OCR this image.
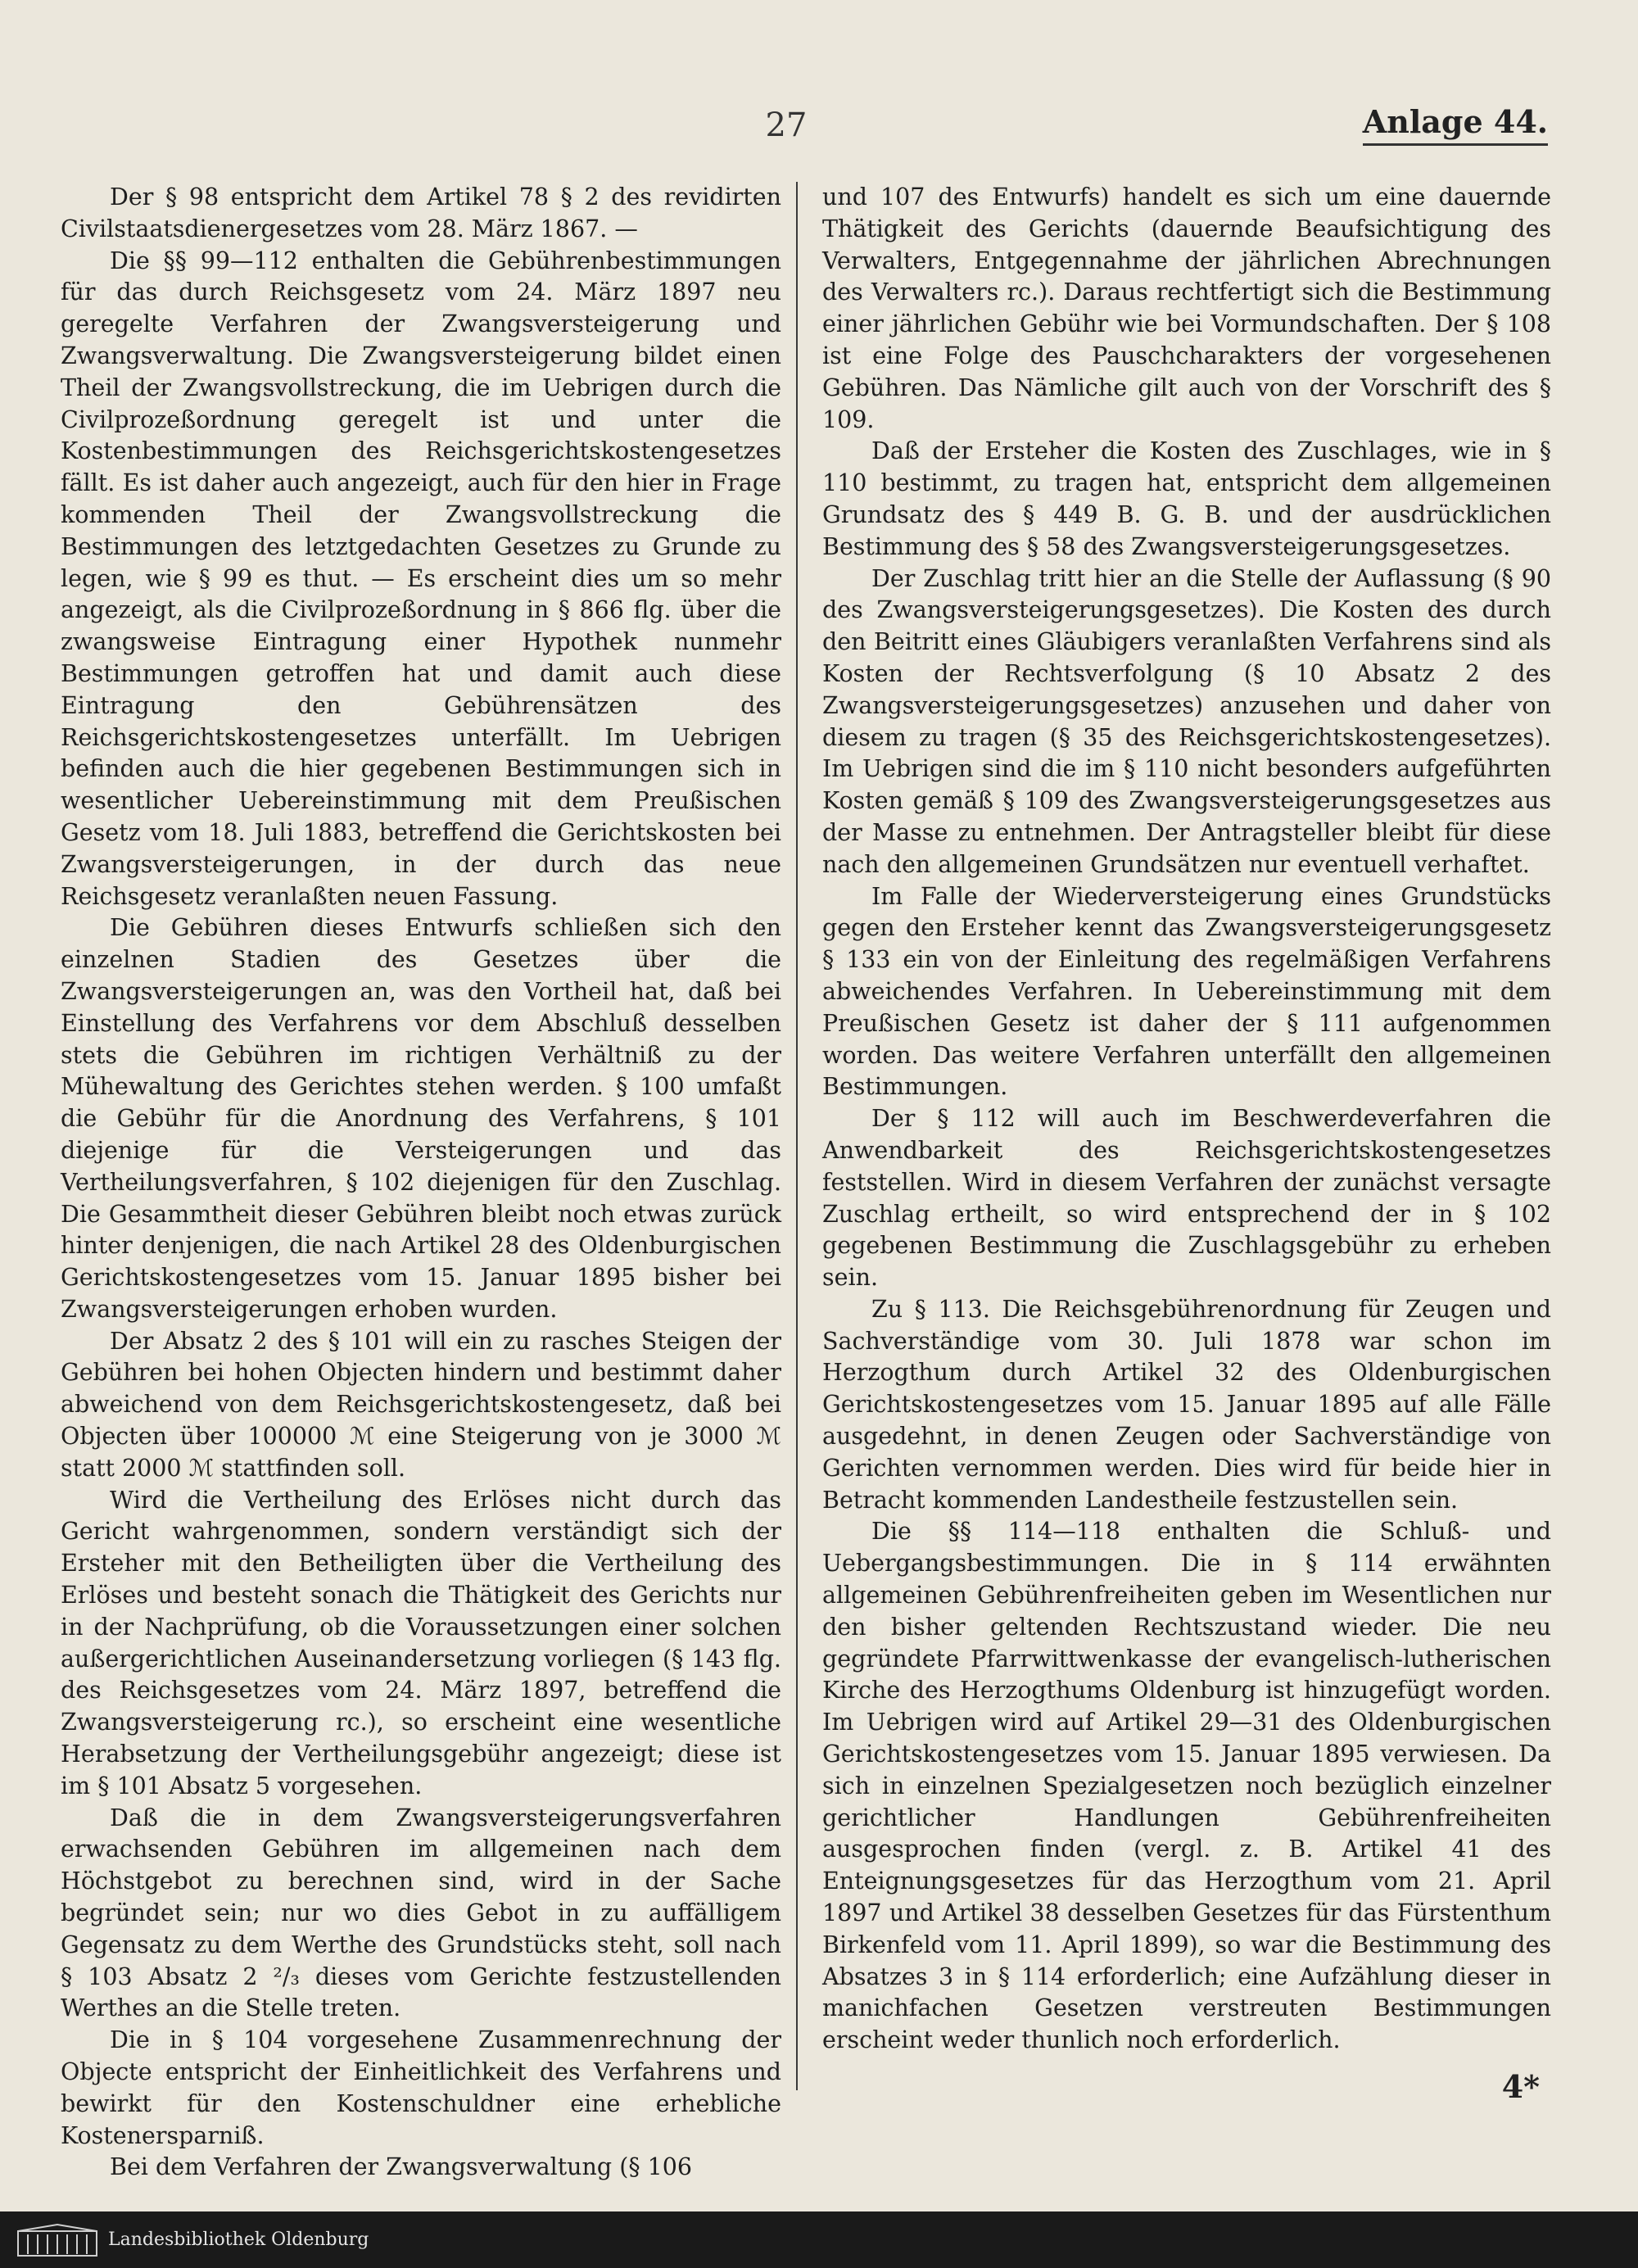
27	Anlage 44.

Der § 98 entspricht dem Artikel 78 § 2 des revidirten Civilstaatsdienergesetzes vom 28. März 1867. —

Die §§ 99—112 enthalten die Gebührenbestimmungen für das durch Reichsgesetz vom 24. März 1897 neu geregelte Verfahren der Zwangsversteigerung und Zwangsverwaltung. Die Zwangsversteigerung bildet einen Theil der Zwangsvollstreckung, die im Uebrigen durch die Civilprozeßordnung geregelt ist und unter die Kostenbestimmungen des Reichsgerichtskostengesetzes fällt. Es ist daher auch angezeigt, auch für den hier in Frage kommenden Theil der Zwangsvollstreckung die Bestimmungen des letztgedachten Gesetzes zu Grunde zu legen, wie § 99 es thut. — Es erscheint dies um so mehr angezeigt, als die Civilprozeßordnung in § 866 flg. über die zwangsweise Eintragung einer Hypothek nunmehr Bestimmungen getroffen hat und damit auch diese Eintragung den Gebührensätzen des Reichsgerichtskostengesetzes unterfällt. Im Uebrigen befinden auch die hier gegebenen Bestimmungen sich in wesentlicher Uebereinstimmung mit dem Preußischen Gesetz vom 18. Juli 1883, betreffend die Gerichtskosten bei Zwangsversteigerungen, in der durch das neue Reichsgesetz veranlaßten neuen Fassung.

Die Gebühren dieses Entwurfs schließen sich den einzelnen Stadien des Gesetzes über die Zwangsversteigerungen an, was den Vortheil hat, daß bei Einstellung des Verfahrens vor dem Abschluß desselben stets die Gebühren im richtigen Verhältniß zu der Mühewaltung des Gerichtes stehen werden. § 100 umfaßt die Gebühr für die Anordnung des Verfahrens, § 101 diejenige für die Versteigerungen und das Vertheilungsverfahren, § 102 diejenigen für den Zuschlag. Die Gesammtheit dieser Gebühren bleibt noch etwas zurück hinter denjenigen, die nach Artikel 28 des Oldenburgischen Gerichtskostengesetzes vom 15. Januar 1895 bisher bei Zwangsversteigerungen erhoben wurden.

Der Absatz 2 des § 101 will ein zu rasches Steigen der Gebühren bei hohen Objecten hindern und bestimmt daher abweichend von dem Reichsgerichtskostengesetz, daß bei Objecten über 100000 ℳ eine Steigerung von je 3000 ℳ statt 2000 ℳ stattfinden soll.

Wird die Vertheilung des Erlöses nicht durch das Gericht wahrgenommen, sondern verständigt sich der Ersteher mit den Betheiligten über die Vertheilung des Erlöses und besteht sonach die Thätigkeit des Gerichts nur in der Nachprüfung, ob die Voraussetzungen einer solchen außergerichtlichen Auseinandersetzung vorliegen (§ 143 flg. des Reichsgesetzes vom 24. März 1897, betreffend die Zwangsversteigerung rc.), so erscheint eine wesentliche Herabsetzung der Vertheilungsgebühr angezeigt; diese ist im § 101 Absatz 5 vorgesehen.

Daß die in dem Zwangsversteigerungsverfahren erwachsenden Gebühren im allgemeinen nach dem Höchstgebot zu berechnen sind, wird in der Sache begründet sein; nur wo dies Gebot in zu auffälligem Gegensatz zu dem Werthe des Grundstücks steht, soll nach § 103 Absatz 2 ²/₃ dieses vom Gerichte festzustellenden Werthes an die Stelle treten.

Die in § 104 vorgesehene Zusammenrechnung der Objecte entspricht der Einheitlichkeit des Verfahrens und bewirkt für den Kostenschuldner eine erhebliche Kostenersparniß.

Bei dem Verfahren der Zwangsverwaltung (§ 106

und 107 des Entwurfs) handelt es sich um eine dauernde Thätigkeit des Gerichts (dauernde Beaufsichtigung des Verwalters, Entgegennahme der jährlichen Abrechnungen des Verwalters rc.). Daraus rechtfertigt sich die Bestimmung einer jährlichen Gebühr wie bei Vormundschaften. Der § 108 ist eine Folge des Pauschcharakters der vorgesehenen Gebühren. Das Nämliche gilt auch von der Vorschrift des § 109.

Daß der Ersteher die Kosten des Zuschlages, wie in § 110 bestimmt, zu tragen hat, entspricht dem allgemeinen Grundsatz des § 449 B. G. B. und der ausdrücklichen Bestimmung des § 58 des Zwangsversteigerungsgesetzes.

Der Zuschlag tritt hier an die Stelle der Auflassung (§ 90 des Zwangsversteigerungsgesetzes). Die Kosten des durch den Beitritt eines Gläubigers veranlaßten Verfahrens sind als Kosten der Rechtsverfolgung (§ 10 Absatz 2 des Zwangsversteigerungsgesetzes) anzusehen und daher von diesem zu tragen (§ 35 des Reichsgerichtskostengesetzes). Im Uebrigen sind die im § 110 nicht besonders aufgeführten Kosten gemäß § 109 des Zwangsversteigerungsgesetzes aus der Masse zu entnehmen. Der Antragsteller bleibt für diese nach den allgemeinen Grundsätzen nur eventuell verhaftet.

Im Falle der Wiederversteigerung eines Grundstücks gegen den Ersteher kennt das Zwangsversteigerungsgesetz § 133 ein von der Einleitung des regelmäßigen Verfahrens abweichendes Verfahren. In Uebereinstimmung mit dem Preußischen Gesetz ist daher der § 111 aufgenommen worden. Das weitere Verfahren unterfällt den allgemeinen Bestimmungen.

Der § 112 will auch im Beschwerdeverfahren die Anwendbarkeit des Reichsgerichtskostengesetzes feststellen. Wird in diesem Verfahren der zunächst versagte Zuschlag ertheilt, so wird entsprechend der in § 102 gegebenen Bestimmung die Zuschlagsgebühr zu erheben sein.

Zu § 113. Die Reichsgebührenordnung für Zeugen und Sachverständige vom 30. Juli 1878 war schon im Herzogthum durch Artikel 32 des Oldenburgischen Gerichtskostengesetzes vom 15. Januar 1895 auf alle Fälle ausgedehnt, in denen Zeugen oder Sachverständige von Gerichten vernommen werden. Dies wird für beide hier in Betracht kommenden Landestheile festzustellen sein.

Die §§ 114—118 enthalten die Schluß- und Uebergangsbestimmungen. Die in § 114 erwähnten allgemeinen Gebührenfreiheiten geben im Wesentlichen nur den bisher geltenden Rechtszustand wieder. Die neu gegründete Pfarrwittwenkasse der evangelisch-lutherischen Kirche des Herzogthums Oldenburg ist hinzugefügt worden. Im Uebrigen wird auf Artikel 29—31 des Oldenburgischen Gerichtskostengesetzes vom 15. Januar 1895 verwiesen. Da sich in einzelnen Spezialgesetzen noch bezüglich einzelner gerichtlicher Handlungen Gebührenfreiheiten ausgesprochen finden (vergl. z. B. Artikel 41 des Enteignungsgesetzes für das Herzogthum vom 21. April 1897 und Artikel 38 desselben Gesetzes für das Fürstenthum Birkenfeld vom 11. April 1899), so war die Bestimmung des Absatzes 3 in § 114 erforderlich; eine Aufzählung dieser in manichfachen Gesetzen verstreuten Bestimmungen erscheint weder thunlich noch erforderlich.

4*
Landesbibliothek Oldenburg
